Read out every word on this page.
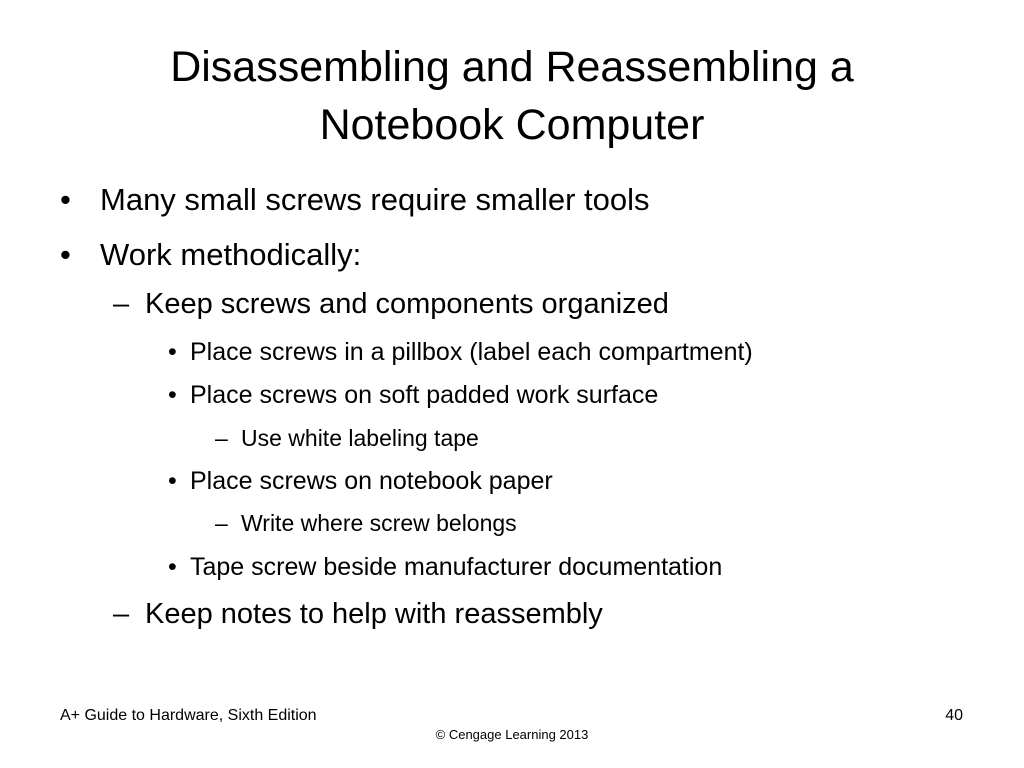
Disassembling and Reassembling a
Notebook Computer
• Many small screws require smaller tools
• Work methodically:
– Keep screws and components organized
• Place screws in a pillbox (label each compartment)
• Place screws on soft padded work surface
– Use white labeling tape
• Place screws on notebook paper
– Write where screw belongs
• Tape screw beside manufacturer documentation
– Keep notes to help with reassembly
A+ Guide to Hardware, Sixth Edition
© Cengage Learning 2013
40
